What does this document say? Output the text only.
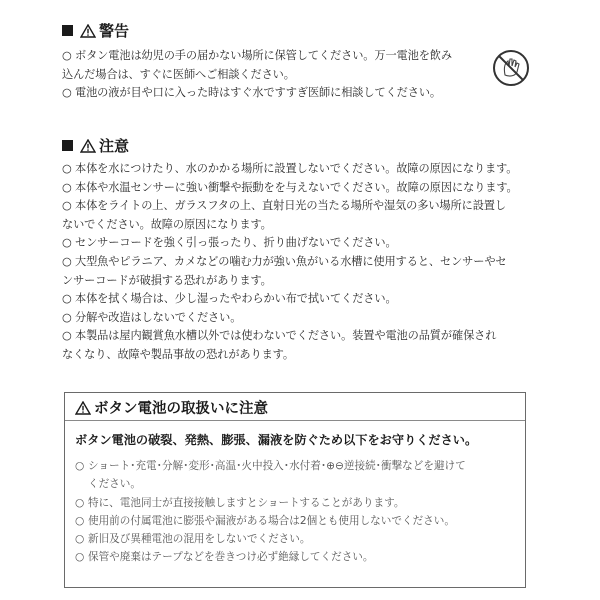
警告
○ ボタン電池は幼児の手の届かない場所に保管してください。万一電池を飲み
込んだ場合は、すぐに医師へご相談ください。
○ 電池の液が目や口に入った時はすぐ水ですすぎ医師に相談してください。
注意
○ 本体を水につけたり、水のかかる場所に設置しないでください。故障の原因になります。
○ 本体や水温センサーに強い衝撃や振動をを与えないでください。故障の原因になります。
○ 本体をライトの上、ガラスフタの上、直射日光の当たる場所や湿気の多い場所に設置し
ないでください。故障の原因になります。
○ センサーコードを強く引っ張ったり、折り曲げないでください。
○ 大型魚やピラニア、カメなどの噛む力が強い魚がいる水槽に使用すると、センサーやセ
ンサーコードが破損する恐れがあります。
○ 本体を拭く場合は、少し湿ったやわらかい布で拭いてください。
○ 分解や改造はしないでください。
○ 本製品は屋内観賞魚水槽以外では使わないでください。装置や電池の品質が確保され
なくなり、故障や製品事故の恐れがあります。
ボタン電池の取扱いに注意
ボタン電池の破裂、発熱、膨張、漏液を防ぐため以下をお守りください。
○ ショート･充電･分解･変形･高温･火中投入･水付着･⊕⊖逆接続･衝撃などを避けて
ください。
○ 特に、電池同士が直接接触しますとショートすることがあります。
○ 使用前の付属電池に膨張や漏液がある場合は2個とも使用しないでください。
○ 新旧及び異種電池の混用をしないでください。
○ 保管や廃棄はテープなどを巻きつけ必ず絶縁してください。
